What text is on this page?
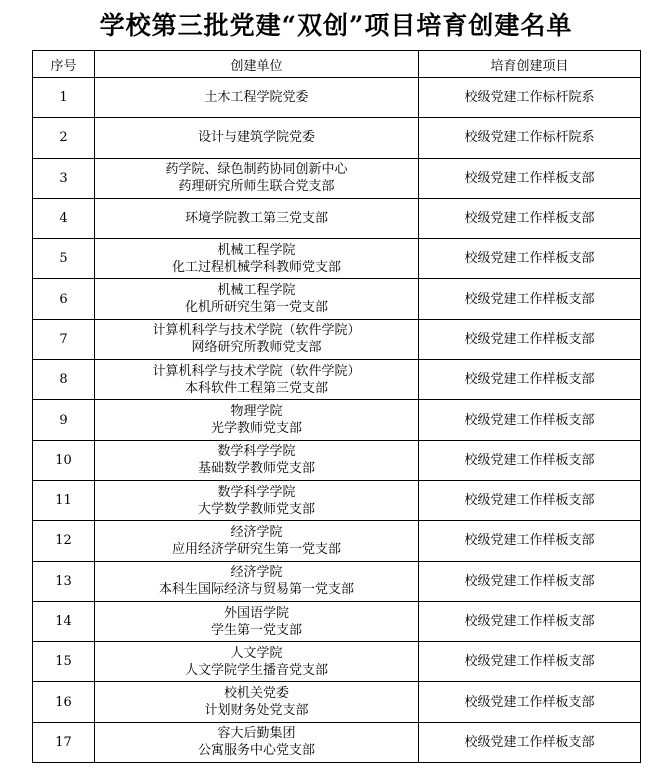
学校第三批党建“双创”项目培育创建名单
序号	创建单位	培育创建项目
1	土木工程学院党委	校级党建工作标杆院系
2	设计与建筑学院党委	校级党建工作标杆院系
3	药学院、绿色制药协同创新中心
药理研究所师生联合党支部	校级党建工作样板支部
4	环境学院教工第三党支部	校级党建工作样板支部
5	机械工程学院
化工过程机械学科教师党支部	校级党建工作样板支部
6	机械工程学院
化机所研究生第一党支部	校级党建工作样板支部
7	计算机科学与技术学院（软件学院）
网络研究所教师党支部	校级党建工作样板支部
8	计算机科学与技术学院（软件学院）
本科软件工程第三党支部	校级党建工作样板支部
9	物理学院
光学教师党支部	校级党建工作样板支部
10	数学科学学院
基础数学教师党支部	校级党建工作样板支部
11	数学科学学院
大学数学教师党支部	校级党建工作样板支部
12	经济学院
应用经济学研究生第一党支部	校级党建工作样板支部
13	经济学院
本科生国际经济与贸易第一党支部	校级党建工作样板支部
14	外国语学院
学生第一党支部	校级党建工作样板支部
15	人文学院
人文学院学生播音党支部	校级党建工作样板支部
16	校机关党委
计划财务处党支部	校级党建工作样板支部
17	容大后勤集团
公寓服务中心党支部	校级党建工作样板支部
